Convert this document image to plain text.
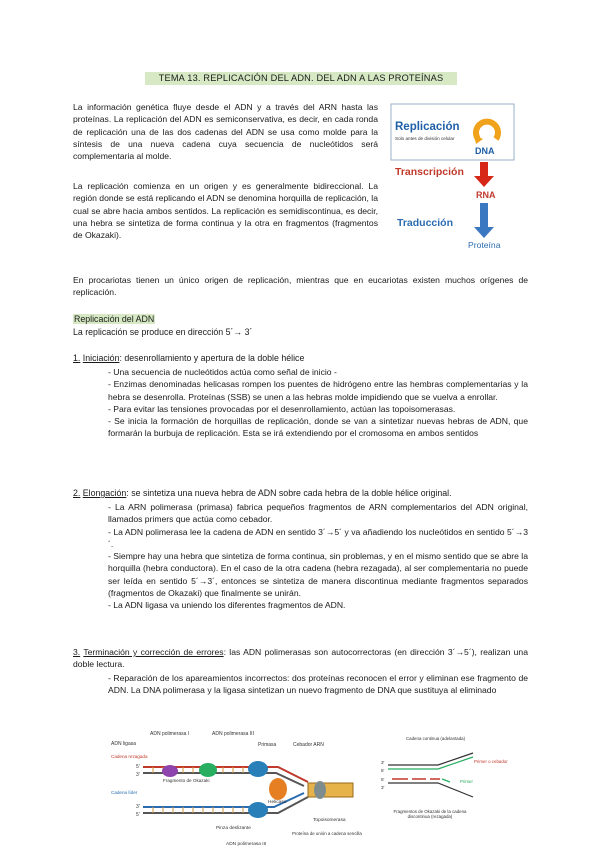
TEMA 13. REPLICACIÓN DEL ADN. DEL ADN A LAS PROTEÍNAS

La información genética fluye desde el ADN y a través del ARN hasta las proteínas. La replicación del ADN es semiconservativa, es decir, en cada ronda de replicación una de las dos cadenas del ADN se usa como molde para la síntesis de una nueva cadena cuya secuencia de nucleótidos será complementaria al molde.

Replicación
Solo antes de división celular
DNA
Transcripción
RNA
Traducción
Proteína

La replicación comienza en un origen y es generalmente bidireccional. La región donde se está replicando el ADN se denomina horquilla de replicación, la cual se abre hacia ambos sentidos. La replicación es semidiscontinua, es decir, una hebra se sintetiza de forma continua y la otra en fragmentos (fragmentos de Okazaki).

En procariotas tienen un único origen de replicación, mientras que en eucariotas existen muchos orígenes de replicación.

Replicación del ADN
La replicación se produce en dirección 5´→ 3´
1. Iniciación: desenrollamiento y apertura de la doble hélice
- Una secuencia de nucleótidos actúa como señal de inicio -
- Enzimas denominadas helicasas rompen los puentes de hidrógeno entre las hembras complementarias y la hebra se desenrolla. Proteínas (SSB) se unen a las hebras molde impidiendo que se vuelva a enrollar.
- Para evitar las tensiones provocadas por el desenrollamiento, actúan las topoisomerasas.
- Se inicia la formación de horquillas de replicación, donde se van a sintetizar nuevas hebras de ADN, que formarán la burbuja de replicación. Esta se irá extendiendo por el cromosoma en ambos sentidos
2. Elongación: se sintetiza una nueva hebra de ADN sobre cada hebra de la doble hélice original.
- La ARN polimerasa (primasa) fabrica pequeños fragmentos de ARN complementarios del ADN original, llamados primers que actúa como cebador.
- La ADN polimerasa lee la cadena de ADN en sentido 3´→5´ y va añadiendo los nucleótidos en sentido 5´→3´.
- Siempre hay una hebra que sintetiza de forma continua, sin problemas, y en el mismo sentido que se abre la horquilla (hebra conductora). En el caso de la otra cadena (hebra rezagada), al ser complementaria no puede ser leída en sentido 5´→3´, entonces se sintetiza de manera discontinua mediante fragmentos separados (fragmentos de Okazaki) que finalmente se unirán.
- La ADN ligasa va uniendo los diferentes fragmentos de ADN.
3. Terminación y corrección de errores: las ADN polimerasas son autocorrectoras (en dirección 3´→5´), realizan una doble lectura.
- Reparación de los apareamientos incorrectos: dos proteínas reconocen el error y eliminan ese fragmento de ADN. La DNA polimerasa y la ligasa sintetizan un nuevo fragmento de DNA que sustituya al eliminado
ADN polimerasa I	ADN polimerasa III
ADN ligasa
Cadena rezagada
Cadena líder
Fragmento de Okazaki
Primasa	Cebador ARN
Helicasa
Pinza deslizante
Topoisomerasa
ADN polimerasa III
Proteína de unión a cadena sencilla
5'
3'
3'
5'
Cadena continua (adelantada)
3'
5'
5'
3'
Primer o cebador
Primer
Fragmentos de Okazaki de la cadena discontinua (rezagada)
